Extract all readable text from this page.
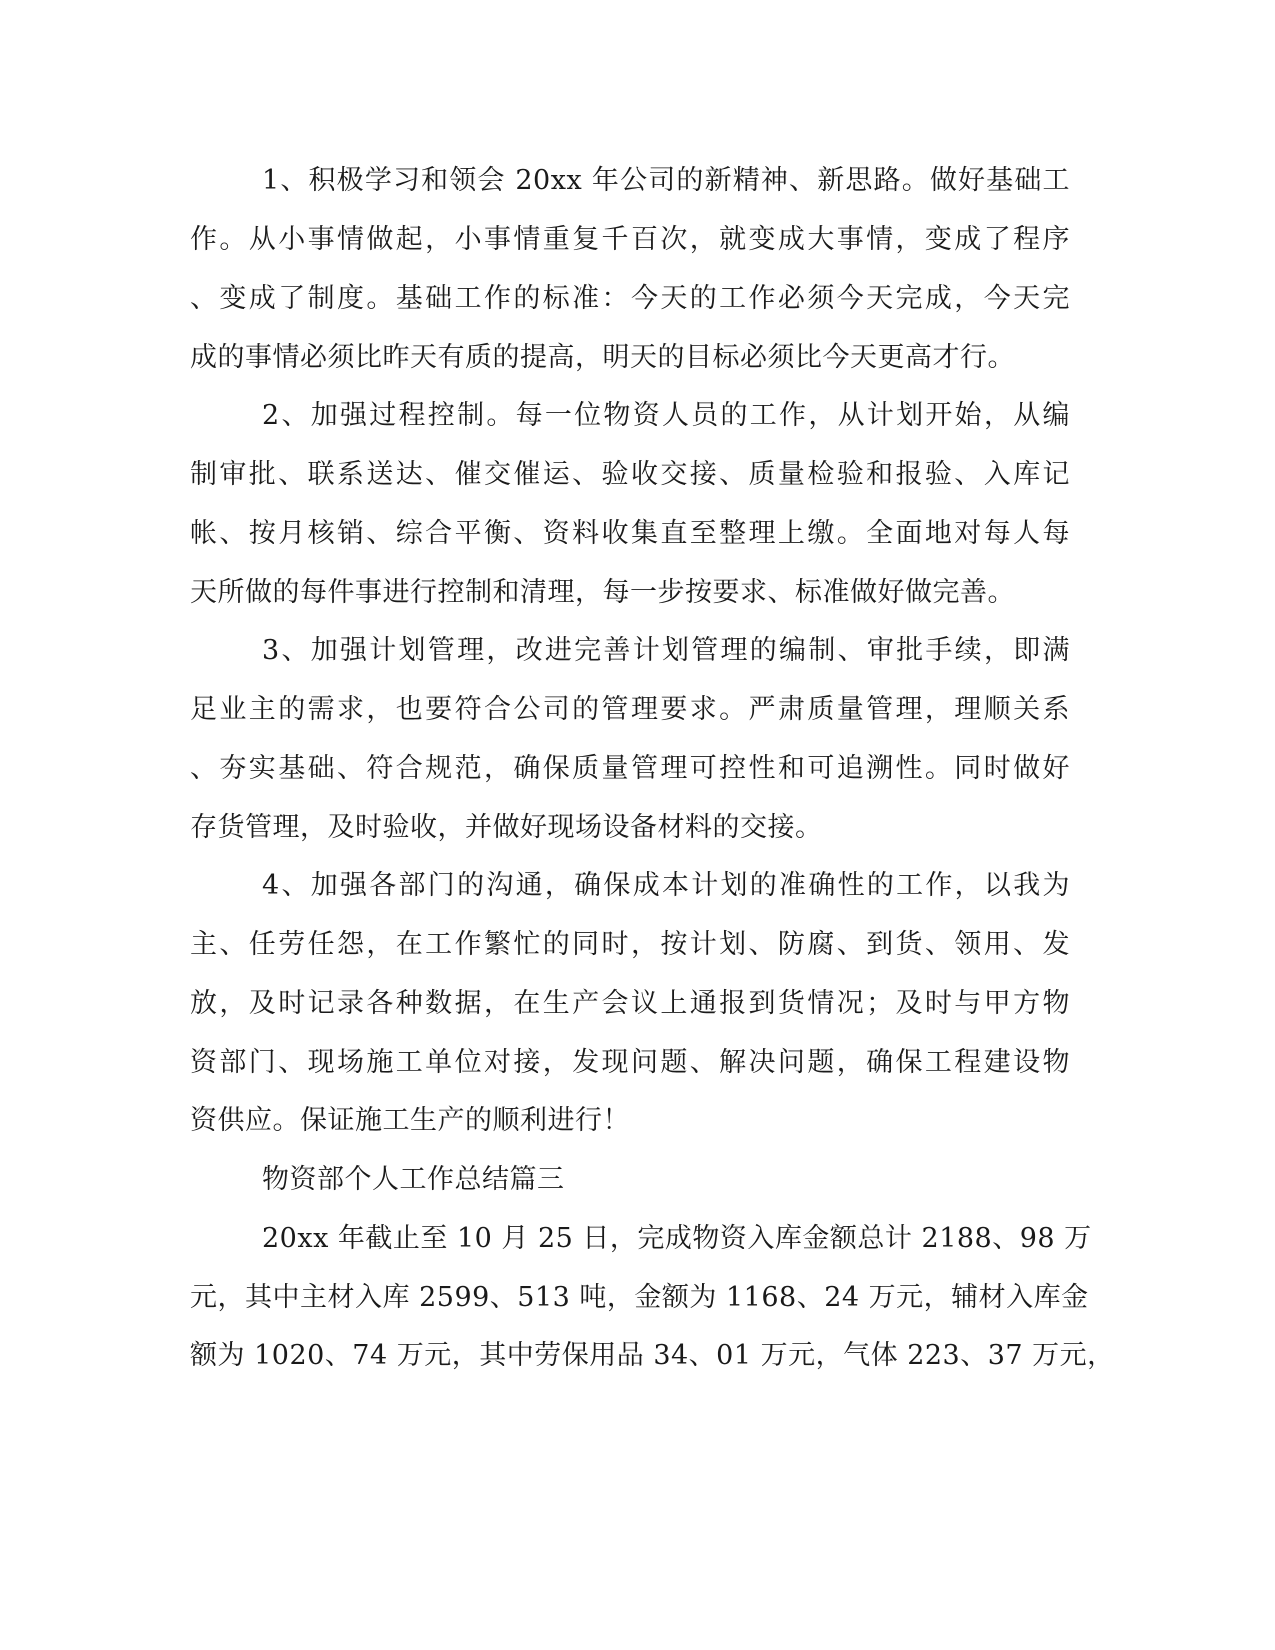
1、积极学习和领会 20xx 年公司的新精神、新思路。做好基础工
作。从小事情做起，小事情重复千百次，就变成大事情，变成了程序
、变成了制度。基础工作的标准：今天的工作必须今天完成，今天完
成的事情必须比昨天有质的提高，明天的目标必须比今天更高才行。
2、加强过程控制。每一位物资人员的工作，从计划开始，从编
制审批、联系送达、催交催运、验收交接、质量检验和报验、入库记
帐、按月核销、综合平衡、资料收集直至整理上缴。全面地对每人每
天所做的每件事进行控制和清理，每一步按要求、标准做好做完善。
3、加强计划管理，改进完善计划管理的编制、审批手续，即满
足业主的需求，也要符合公司的管理要求。严肃质量管理，理顺关系
、夯实基础、符合规范，确保质量管理可控性和可追溯性。同时做好
存货管理，及时验收，并做好现场设备材料的交接。
4、加强各部门的沟通，确保成本计划的准确性的工作，以我为
主、任劳任怨，在工作繁忙的同时，按计划、防腐、到货、领用、发
放，及时记录各种数据，在生产会议上通报到货情况；及时与甲方物
资部门、现场施工单位对接，发现问题、解决问题，确保工程建设物
资供应。保证施工生产的顺利进行！
物资部个人工作总结篇三
20xx 年截止至 10 月 25 日，完成物资入库金额总计 2188、98 万
元，其中主材入库 2599、513 吨，金额为 1168、24 万元，辅材入库金
额为 1020、74 万元，其中劳保用品 34、01 万元，气体 223、37 万元，
